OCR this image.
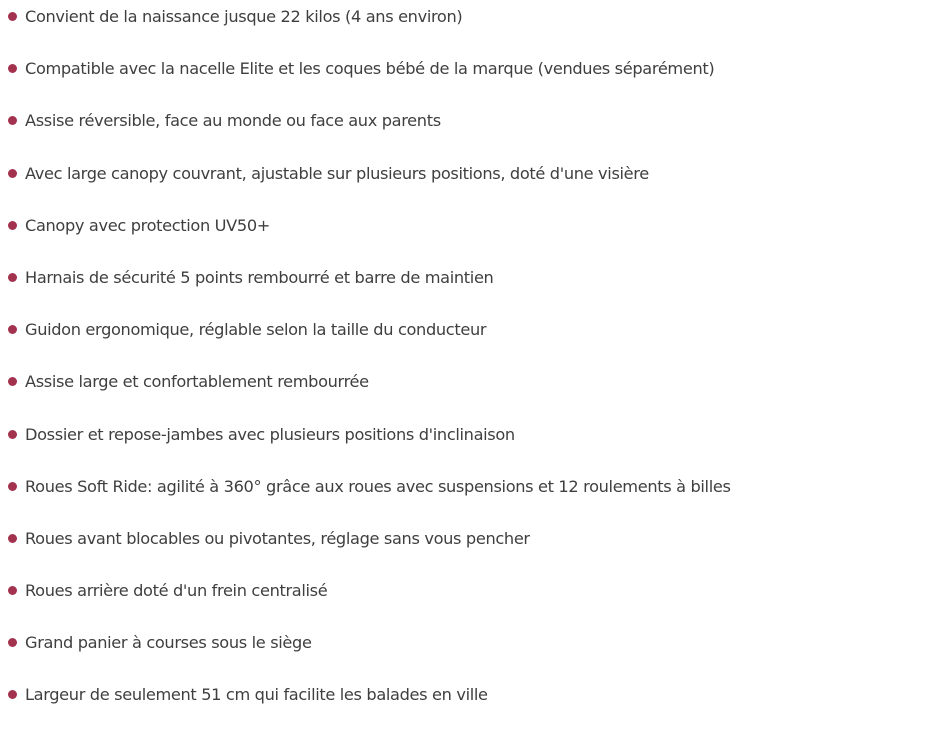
Convient de la naissance jusque 22 kilos (4 ans environ)
Compatible avec la nacelle Elite et les coques bébé de la marque (vendues séparément)
Assise réversible, face au monde ou face aux parents
Avec large canopy couvrant, ajustable sur plusieurs positions, doté d'une visière
Canopy avec protection UV50+
Harnais de sécurité 5 points rembourré et barre de maintien
Guidon ergonomique, réglable selon la taille du conducteur
Assise large et confortablement rembourrée
Dossier et repose-jambes avec plusieurs positions d'inclinaison
Roues Soft Ride: agilité à 360° grâce aux roues avec suspensions et 12 roulements à billes
Roues avant blocables ou pivotantes, réglage sans vous pencher
Roues arrière doté d'un frein centralisé
Grand panier à courses sous le siège
Largeur de seulement 51 cm qui facilite les balades en ville
